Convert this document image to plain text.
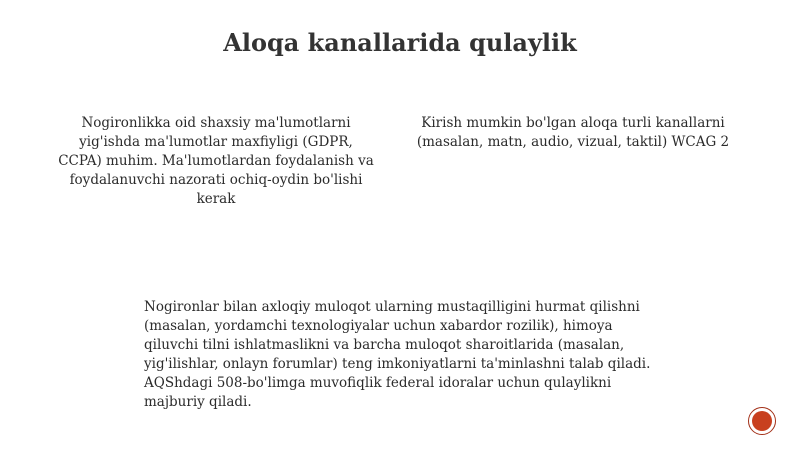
Aloqa kanallarida qulaylik

Nogironlikka oid shaxsiy ma'lumotlarni yig'ishda ma'lumotlar maxfiyligi (GDPR, CCPA) muhim. Ma'lumotlardan foydalanish va foydalanuvchi nazorati ochiq-oydin bo'lishi kerak

Kirish mumkin bo'lgan aloqa turli kanallarni (masalan, matn, audio, vizual, taktil) WCAG 2

Nogironlar bilan axloqiy muloqot ularning mustaqilligini hurmat qilishni (masalan, yordamchi texnologiyalar uchun xabardor rozilik), himoya qiluvchi tilni ishlatmaslikni va barcha muloqot sharoitlarida (masalan, yig'ilishlar, onlayn forumlar) teng imkoniyatlarni ta'minlashni talab qiladi. AQShdagi 508-bo'limga muvofiqlik federal idoralar uchun qulaylikni majburiy qiladi.
